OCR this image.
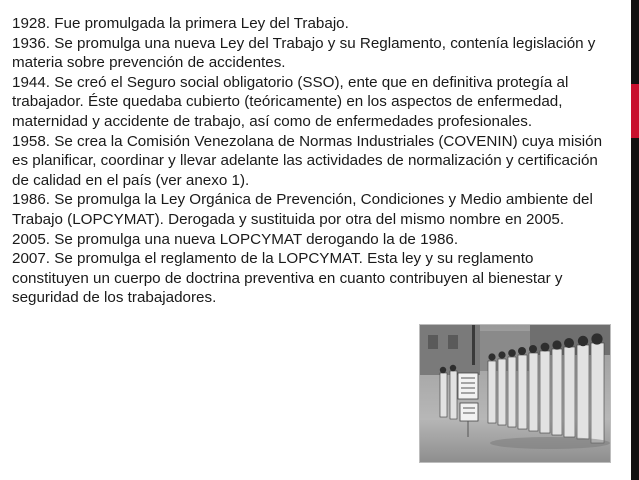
1928. Fue promulgada la primera Ley del Trabajo.

1936. Se promulga una nueva Ley del Trabajo y su Reglamento, contenía legislación y materia sobre prevención de accidentes.

1944. Se creó el Seguro social obligatorio (SSO), ente que en definitiva protegía al trabajador. Éste quedaba cubierto (teóricamente) en los aspectos de enfermedad, maternidad y accidente de trabajo, así como de enfermedades profesionales.

1958. Se crea la Comisión Venezolana de Normas Industriales (COVENIN) cuya misión es planificar, coordinar y llevar adelante las actividades de normalización y certificación de calidad en el país (ver anexo 1).

1986. Se promulga la Ley Orgánica de Prevención, Condiciones y Medio ambiente del Trabajo (LOPCYMAT). Derogada y sustituida por otra del mismo nombre en 2005.

2005. Se promulga una nueva LOPCYMAT derogando la de 1986.

2007. Se promulga el reglamento de la LOPCYMAT. Esta ley y su reglamento constituyen un cuerpo de doctrina preventiva en cuanto contribuyen al bienestar y seguridad de los trabajadores.
